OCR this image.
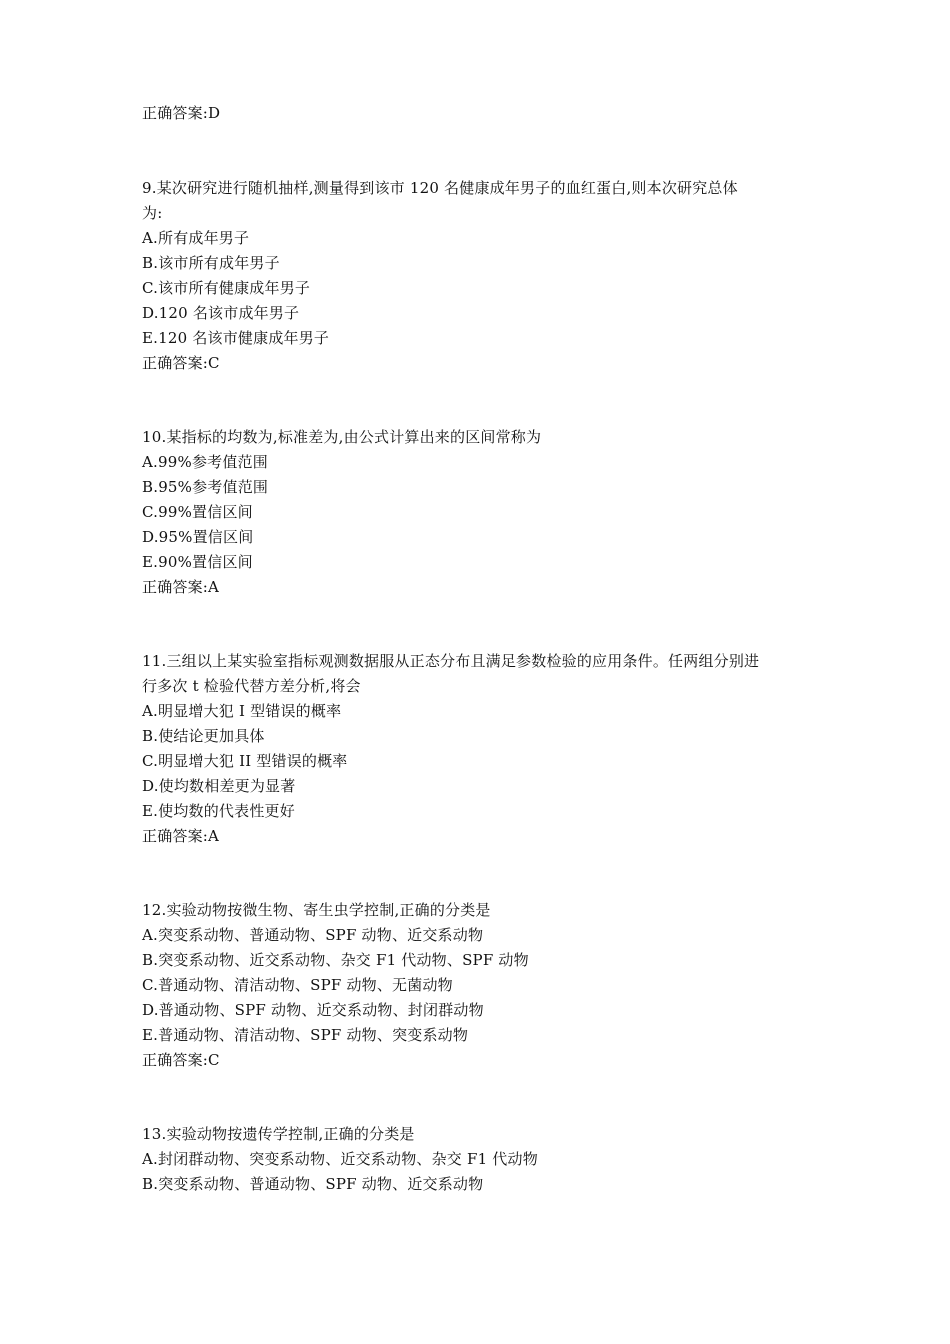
正确答案:D
9.某次研究进行随机抽样,测量得到该市 120 名健康成年男子的血红蛋白,则本次研究总体
为:
A.所有成年男子
B.该市所有成年男子
C.该市所有健康成年男子
D.120 名该市成年男子
E.120 名该市健康成年男子
正确答案:C
10.某指标的均数为,标准差为,由公式计算出来的区间常称为
A.99%参考值范围
B.95%参考值范围
C.99%置信区间
D.95%置信区间
E.90%置信区间
正确答案:A
11.三组以上某实验室指标观测数据服从正态分布且满足参数检验的应用条件。任两组分别进
行多次 t 检验代替方差分析,将会
A.明显增大犯 I 型错误的概率
B.使结论更加具体
C.明显增大犯 II 型错误的概率
D.使均数相差更为显著
E.使均数的代表性更好
正确答案:A
12.实验动物按微生物、寄生虫学控制,正确的分类是
A.突变系动物、普通动物、SPF 动物、近交系动物
B.突变系动物、近交系动物、杂交 F1 代动物、SPF 动物
C.普通动物、清洁动物、SPF 动物、无菌动物
D.普通动物、SPF 动物、近交系动物、封闭群动物
E.普通动物、清洁动物、SPF 动物、突变系动物
正确答案:C
13.实验动物按遗传学控制,正确的分类是
A.封闭群动物、突变系动物、近交系动物、杂交 F1 代动物
B.突变系动物、普通动物、SPF 动物、近交系动物
